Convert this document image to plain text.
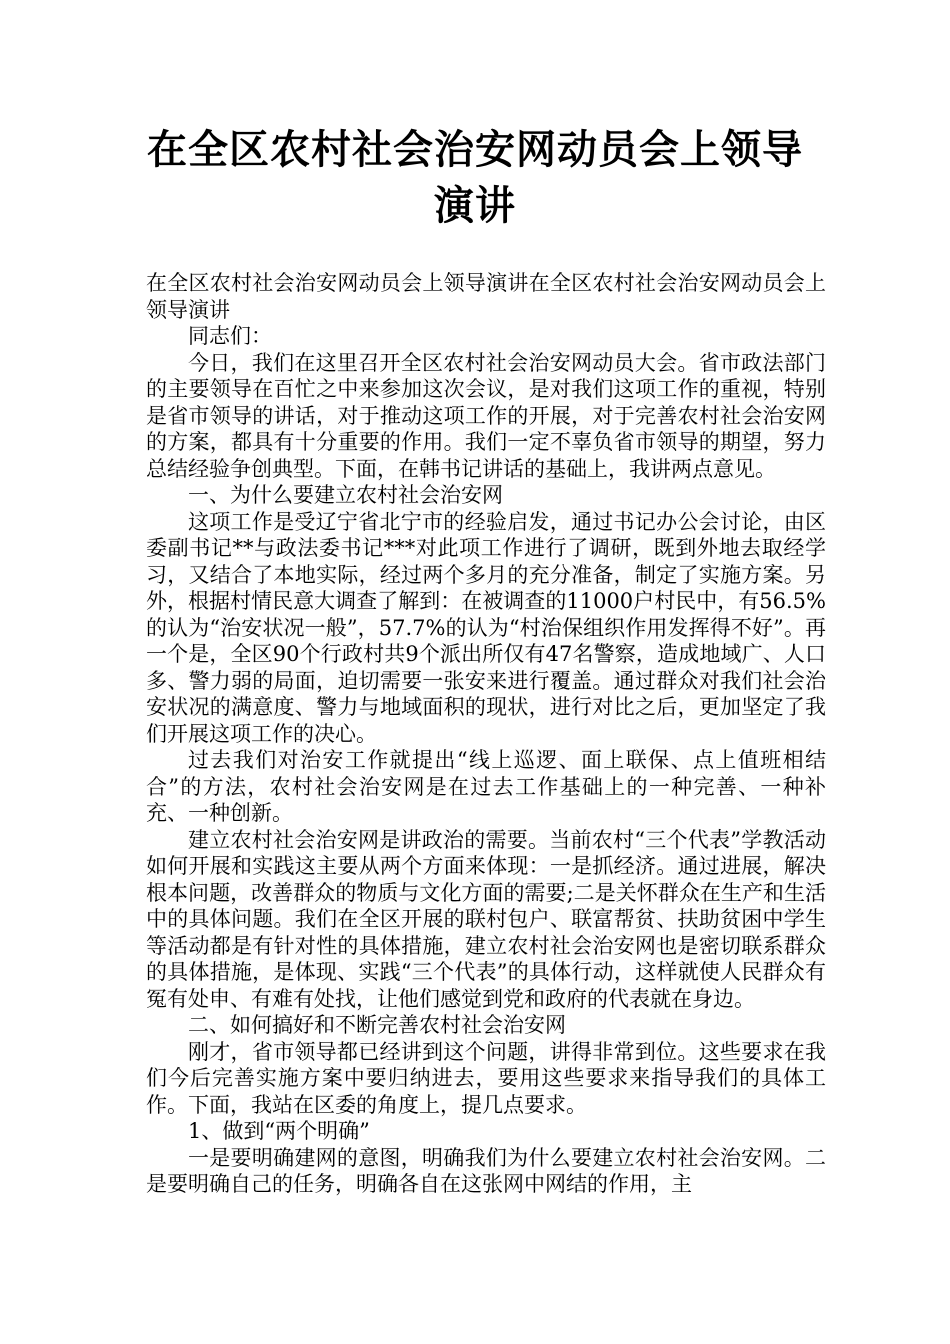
在全区农村社会治安网动员会上领导演讲

在全区农村社会治安网动员会上领导演讲在全区农村社会治安网动员会上领导演讲

同志们：

今日，我们在这里召开全区农村社会治安网动员大会。省市政法部门的主要领导在百忙之中来参加这次会议，是对我们这项工作的重视，特别是省市领导的讲话，对于推动这项工作的开展，对于完善农村社会治安网的方案，都具有十分重要的作用。我们一定不辜负省市领导的期望，努力总结经验争创典型。下面，在韩书记讲话的基础上，我讲两点意见。

一、为什么要建立农村社会治安网

这项工作是受辽宁省北宁市的经验启发，通过书记办公会讨论，由区委副书记**与政法委书记***对此项工作进行了调研，既到外地去取经学习，又结合了本地实际，经过两个多月的充分准备，制定了实施方案。另外，根据村情民意大调查了解到：在被调查的11000户村民中，有56.5%的认为“治安状况一般”，57.7%的认为“村治保组织作用发挥得不好”。再一个是，全区90个行政村共9个派出所仅有47名警察，造成地域广、人口多、警力弱的局面，迫切需要一张安来进行覆盖。通过群众对我们社会治安状况的满意度、警力与地域面积的现状，进行对比之后，更加坚定了我们开展这项工作的决心。

过去我们对治安工作就提出“线上巡逻、面上联保、点上值班相结合”的方法，农村社会治安网是在过去工作基础上的一种完善、一种补充、一种创新。

建立农村社会治安网是讲政治的需要。当前农村“三个代表”学教活动如何开展和实践这主要从两个方面来体现：一是抓经济。通过进展，解决根本问题，改善群众的物质与文化方面的需要;二是关怀群众在生产和生活中的具体问题。我们在全区开展的联村包户、联富帮贫、扶助贫困中学生等活动都是有针对性的具体措施，建立农村社会治安网也是密切联系群众的具体措施，是体现、实践“三个代表”的具体行动，这样就使人民群众有冤有处申、有难有处找，让他们感觉到党和政府的代表就在身边。

二、如何搞好和不断完善农村社会治安网

刚才，省市领导都已经讲到这个问题，讲得非常到位。这些要求在我们今后完善实施方案中要归纳进去，要用这些要求来指导我们的具体工作。下面，我站在区委的角度上，提几点要求。

1、做到“两个明确”

一是要明确建网的意图，明确我们为什么要建立农村社会治安网。二是要明确自己的任务，明确各自在这张网中网结的作用，主
